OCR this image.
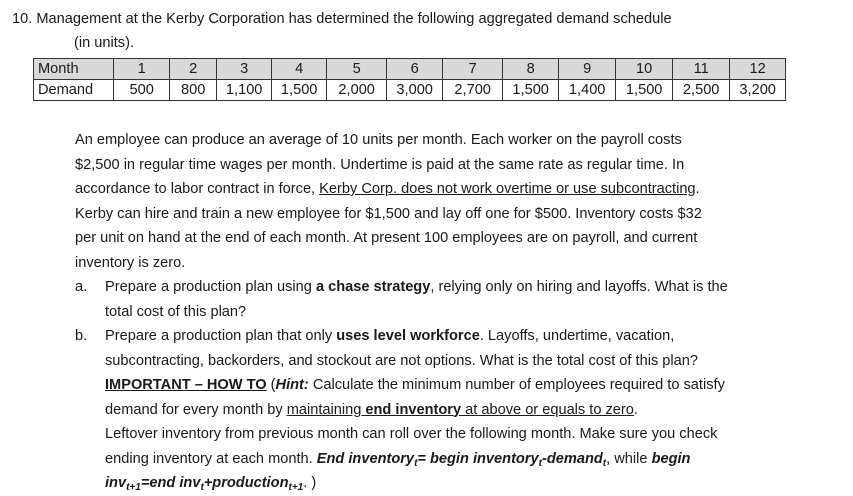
10. Management at the Kerby Corporation has determined the following aggregated demand schedule
(in units).
Month	1	2	3	4	5	6	7	8	9	10	11	12
Demand	500	800	1,100	1,500	2,000	3,000	2,700	1,500	1,400	1,500	2,500	3,200
An employee can produce an average of 10 units per month. Each worker on the payroll costs
$2,500 in regular time wages per month. Undertime is paid at the same rate as regular time. In
accordance to labor contract in force, Kerby Corp. does not work overtime or use subcontracting.
Kerby can hire and train a new employee for $1,500 and lay off one for $500. Inventory costs $32
per unit on hand at the end of each month. At present 100 employees are on payroll, and current
inventory is zero.
a. Prepare a production plan using a chase strategy, relying only on hiring and layoffs. What is the
total cost of this plan?
b. Prepare a production plan that only uses level workforce. Layoffs, undertime, vacation,
subcontracting, backorders, and stockout are not options. What is the total cost of this plan?
IMPORTANT – HOW TO (Hint: Calculate the minimum number of employees required to satisfy
demand for every month by maintaining end inventory at above or equals to zero.
Leftover inventory from previous month can roll over the following month. Make sure you check
ending inventory at each month. End inventory$_t$= begin inventory$_t$-demand$_t$, while begin
inv$_{t+1}$=end inv$_t$+production$_{t+1}$. )
